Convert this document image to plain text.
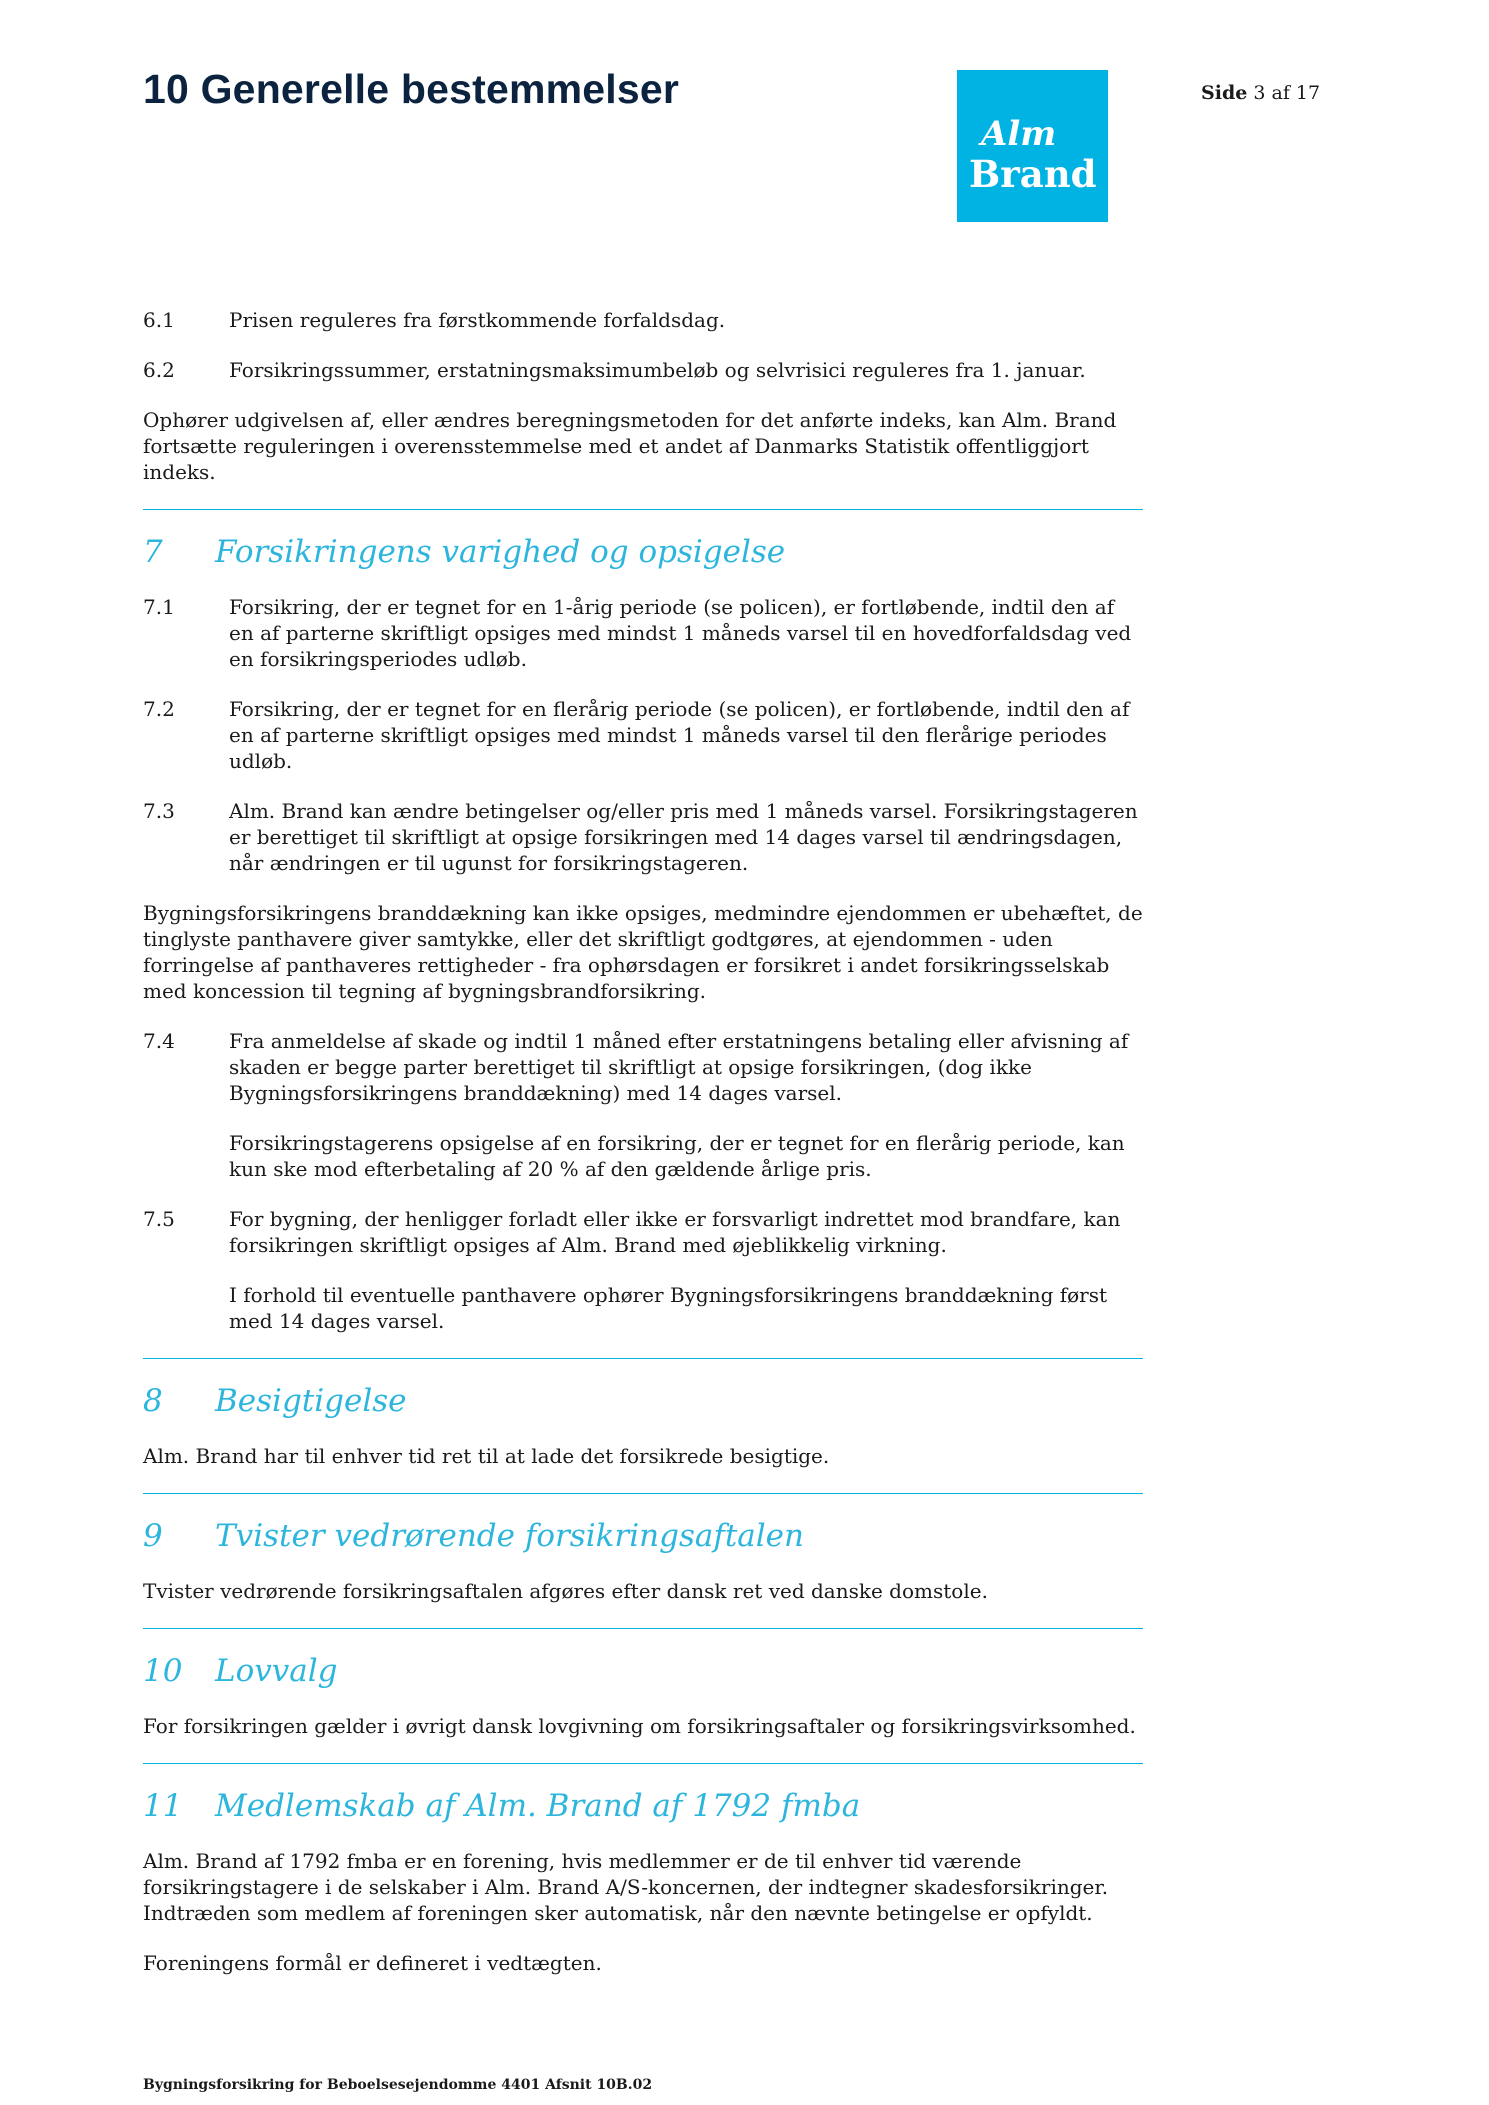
10 Generelle bestemmelser
Alm
Brand
Side 3 af 17
6.1	Prisen reguleres fra førstkommende forfaldsdag.
6.2	Forsikringssummer, erstatningsmaksimumbeløb og selvrisici reguleres fra 1. januar.

Ophører udgivelsen af, eller ændres beregningsmetoden for det anførte indeks, kan Alm. Brand fortsætte reguleringen i overensstemmelse med et andet af Danmarks Statistik offentliggjort indeks.

7	Forsikringens varighed og opsigelse
7.1	Forsikring, der er tegnet for en 1-årig periode (se policen), er fortløbende, indtil den af en af parterne skriftligt opsiges med mindst 1 måneds varsel til en hovedforfaldsdag ved en forsikringsperiodes udløb.
7.2	Forsikring, der er tegnet for en flerårig periode (se policen), er fortløbende, indtil den af en af parterne skriftligt opsiges med mindst 1 måneds varsel til den flerårige periodes udløb.
7.3	Alm. Brand kan ændre betingelser og/eller pris med 1 måneds varsel. Forsikringstageren er berettiget til skriftligt at opsige forsikringen med 14 dages varsel til ændringsdagen, når ændringen er til ugunst for forsikringstageren.

Bygningsforsikringens branddækning kan ikke opsiges, medmindre ejendommen er ubehæftet, de tinglyste panthavere giver samtykke, eller det skriftligt godtgøres, at ejendommen - uden forringelse af panthaveres rettigheder - fra ophørsdagen er forsikret i andet forsikringsselskab med koncession til tegning af bygningsbrandforsikring.

7.4	Fra anmeldelse af skade og indtil 1 måned efter erstatningens betaling eller afvisning af skaden er begge parter berettiget til skriftligt at opsige forsikringen, (dog ikke Bygningsforsikringens branddækning) med 14 dages varsel.

Forsikringstagerens opsigelse af en forsikring, der er tegnet for en flerårig periode, kan kun ske mod efterbetaling af 20 % af den gældende årlige pris.

7.5	For bygning, der henligger forladt eller ikke er forsvarligt indrettet mod brandfare, kan forsikringen skriftligt opsiges af Alm. Brand med øjeblikkelig virkning.

I forhold til eventuelle panthavere ophører Bygningsforsikringens branddækning først med 14 dages varsel.

8	Besigtigelse

Alm. Brand har til enhver tid ret til at lade det forsikrede besigtige.

9	Tvister vedrørende forsikringsaftalen

Tvister vedrørende forsikringsaftalen afgøres efter dansk ret ved danske domstole.

10	Lovvalg

For forsikringen gælder i øvrigt dansk lovgivning om forsikringsaftaler og forsikringsvirksomhed.

11	Medlemskab af Alm. Brand af 1792 fmba

Alm. Brand af 1792 fmba er en forening, hvis medlemmer er de til enhver tid værende forsikringstagere i de selskaber i Alm. Brand A/S-koncernen, der indtegner skadesforsikringer. Indtræden som medlem af foreningen sker automatisk, når den nævnte betingelse er opfyldt.

Foreningens formål er defineret i vedtægten.

Bygningsforsikring for Beboelsesejendomme 4401 Afsnit 10B.02
